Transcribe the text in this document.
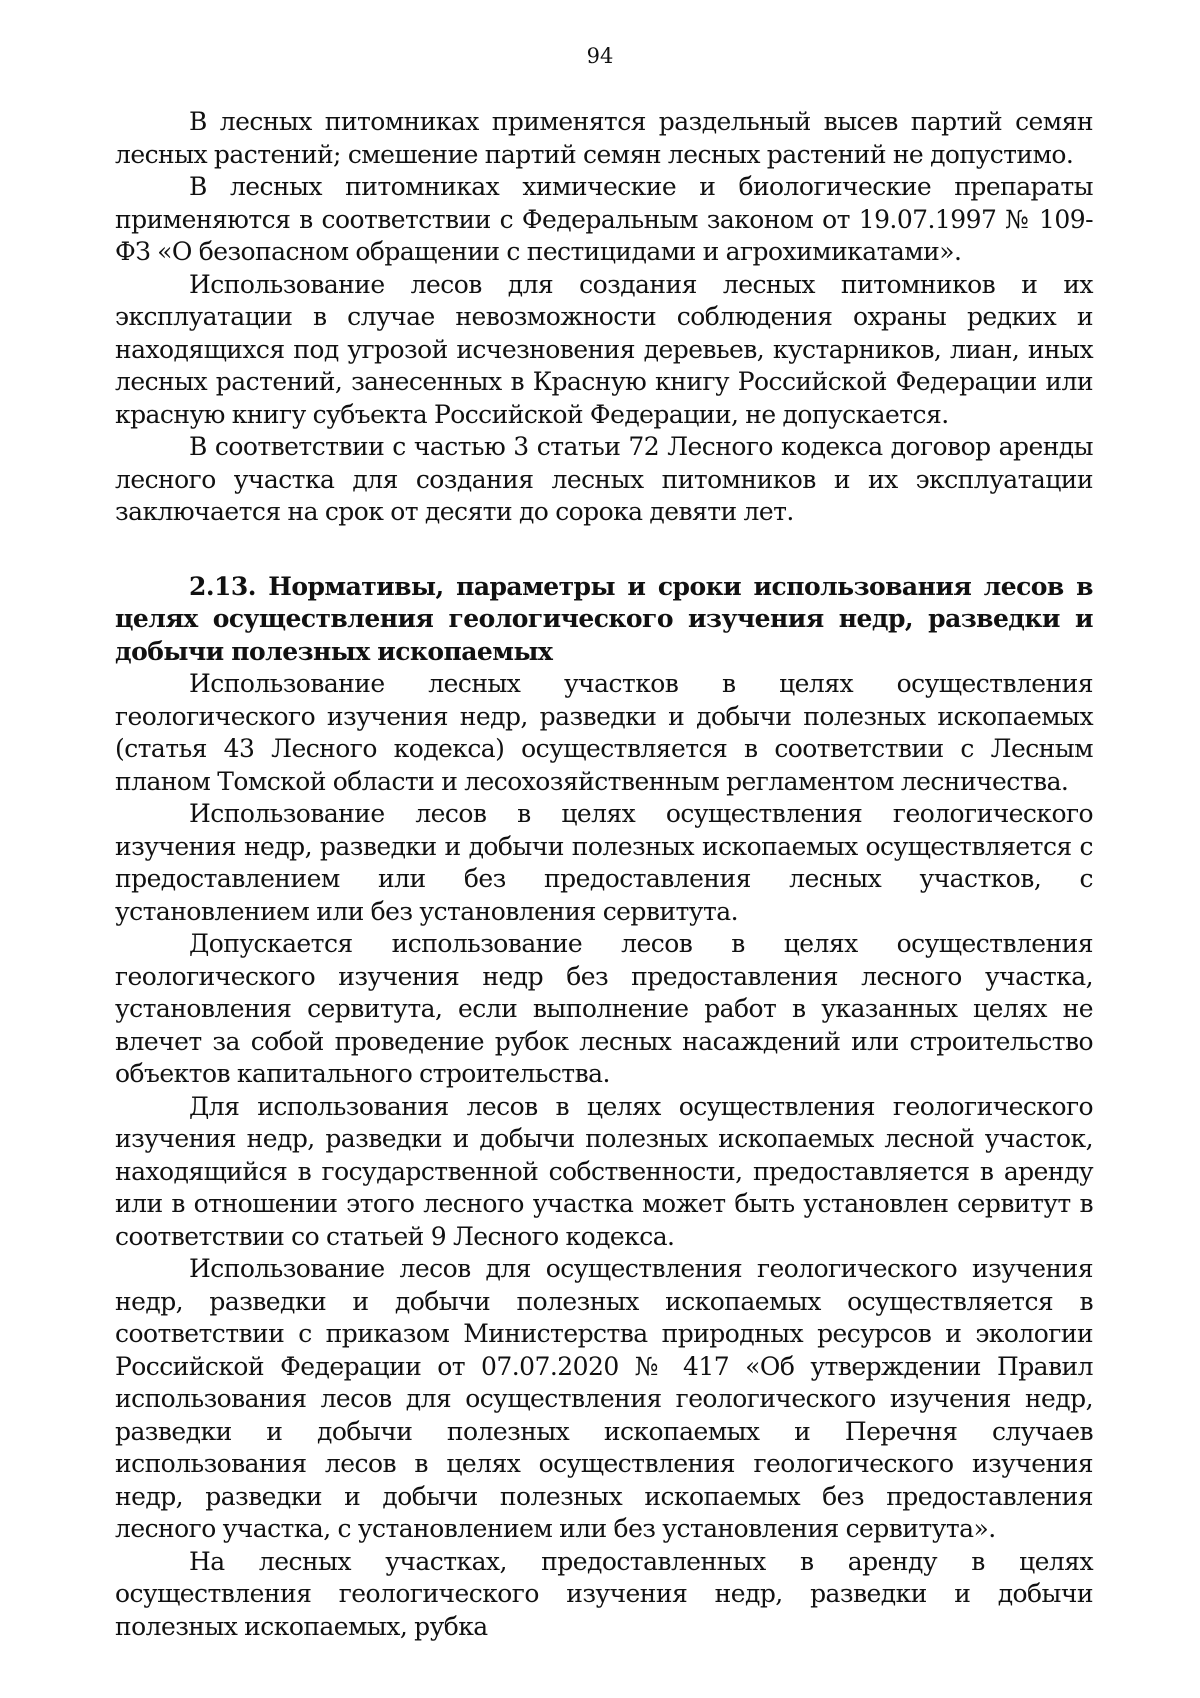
94

В лесных питомниках применятся раздельный высев партий семян лесных растений; смешение партий семян лесных растений не допустимо.

В лесных питомниках химические и биологические препараты применяются в соответствии с Федеральным законом от 19.07.1997 № 109-ФЗ «О безопасном обращении с пестицидами и агрохимикатами».

Использование лесов для создания лесных питомников и их эксплуатации в случае невозможности соблюдения охраны редких и находящихся под угрозой исчезновения деревьев, кустарников, лиан, иных лесных растений, занесенных в Красную книгу Российской Федерации или красную книгу субъекта Российской Федерации, не допускается.

В соответствии с частью 3 статьи 72 Лесного кодекса договор аренды лесного участка для создания лесных питомников и их эксплуатации заключается на срок от десяти до сорока девяти лет.

2.13. Нормативы, параметры и сроки использования лесов в целях осуществления геологического изучения недр, разведки и добычи полезных ископаемых

Использование лесных участков в целях осуществления геологического изучения недр, разведки и добычи полезных ископаемых (статья 43 Лесного кодекса) осуществляется в соответствии с Лесным планом Томской области и лесохозяйственным регламентом лесничества.

Использование лесов в целях осуществления геологического изучения недр, разведки и добычи полезных ископаемых осуществляется с предоставлением или без предоставления лесных участков, с установлением или без установления сервитута.

Допускается использование лесов в целях осуществления геологического изучения недр без предоставления лесного участка, установления сервитута, если выполнение работ в указанных целях не влечет за собой проведение рубок лесных насаждений или строительство объектов капитального строительства.

Для использования лесов в целях осуществления геологического изучения недр, разведки и добычи полезных ископаемых лесной участок, находящийся в государственной собственности, предоставляется в аренду или в отношении этого лесного участка может быть установлен сервитут в соответствии со статьей 9 Лесного кодекса.

Использование лесов для осуществления геологического изучения недр, разведки и добычи полезных ископаемых осуществляется в соответствии с приказом Министерства природных ресурсов и экологии Российской Федерации от 07.07.2020 № 417 «Об утверждении Правил использования лесов для осуществления геологического изучения недр, разведки и добычи полезных ископаемых и Перечня случаев использования лесов в целях осуществления геологического изучения недр, разведки и добычи полезных ископаемых без предоставления лесного участка, с установлением или без установления сервитута».

На лесных участках, предоставленных в аренду в целях осуществления геологического изучения недр, разведки и добычи полезных ископаемых, рубка
